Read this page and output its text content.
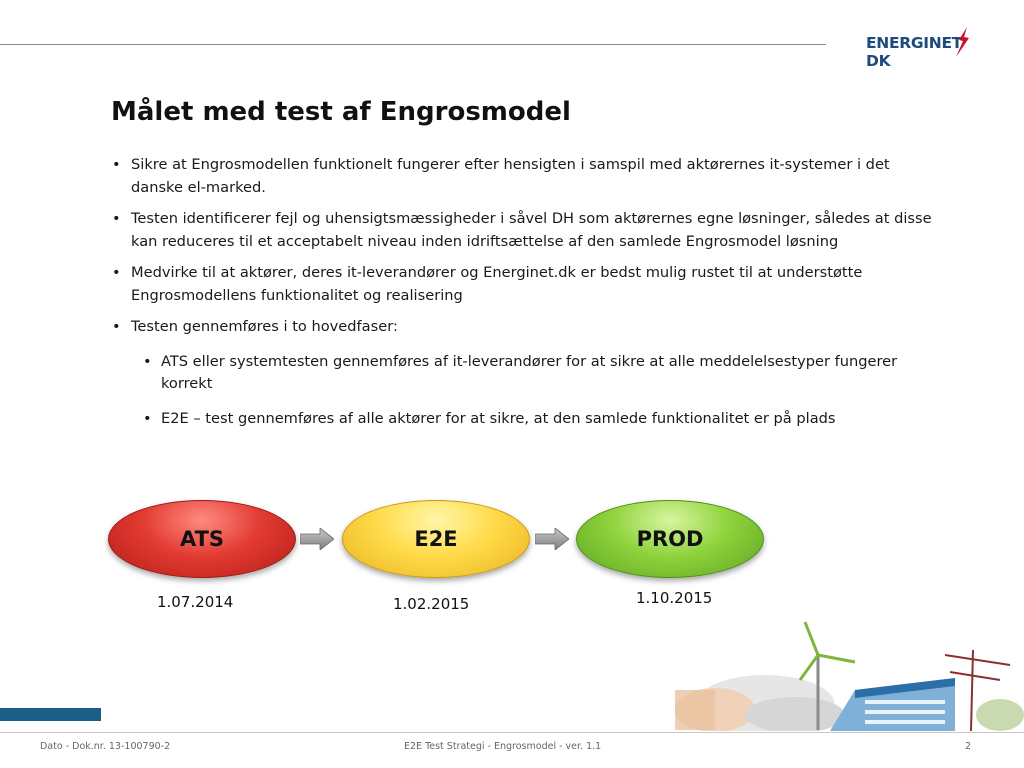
ENERGINETDK
Målet med test af Engrosmodel
• Sikre at Engrosmodellen funktionelt fungerer efter hensigten i samspil med aktørernes it-systemer i det danske el-marked.
• Testen identificerer fejl og uhensigtsmæssigheder i såvel DH som aktørernes egne løsninger, således at disse kan reduceres til et acceptabelt niveau inden idriftsættelse af den samlede Engrosmodel løsning
• Medvirke til at aktører, deres it-leverandører og Energinet.dk er bedst mulig rustet til at understøtte Engrosmodellens funktionalitet og realisering
• Testen gennemføres i to hovedfaser:
• ATS eller systemtesten gennemføres af it-leverandører for at sikre at alle meddelelsestyper fungerer korrekt
• E2E – test gennemføres af alle aktører for at sikre, at den samlede funktionalitet er på plads
ATS	E2E	PROD
1.07.2014	1.02.2015	1.10.2015
Dato - Dok.nr. 13-100790-2	E2E Test Strategi - Engrosmodel - ver. 1.1	2
